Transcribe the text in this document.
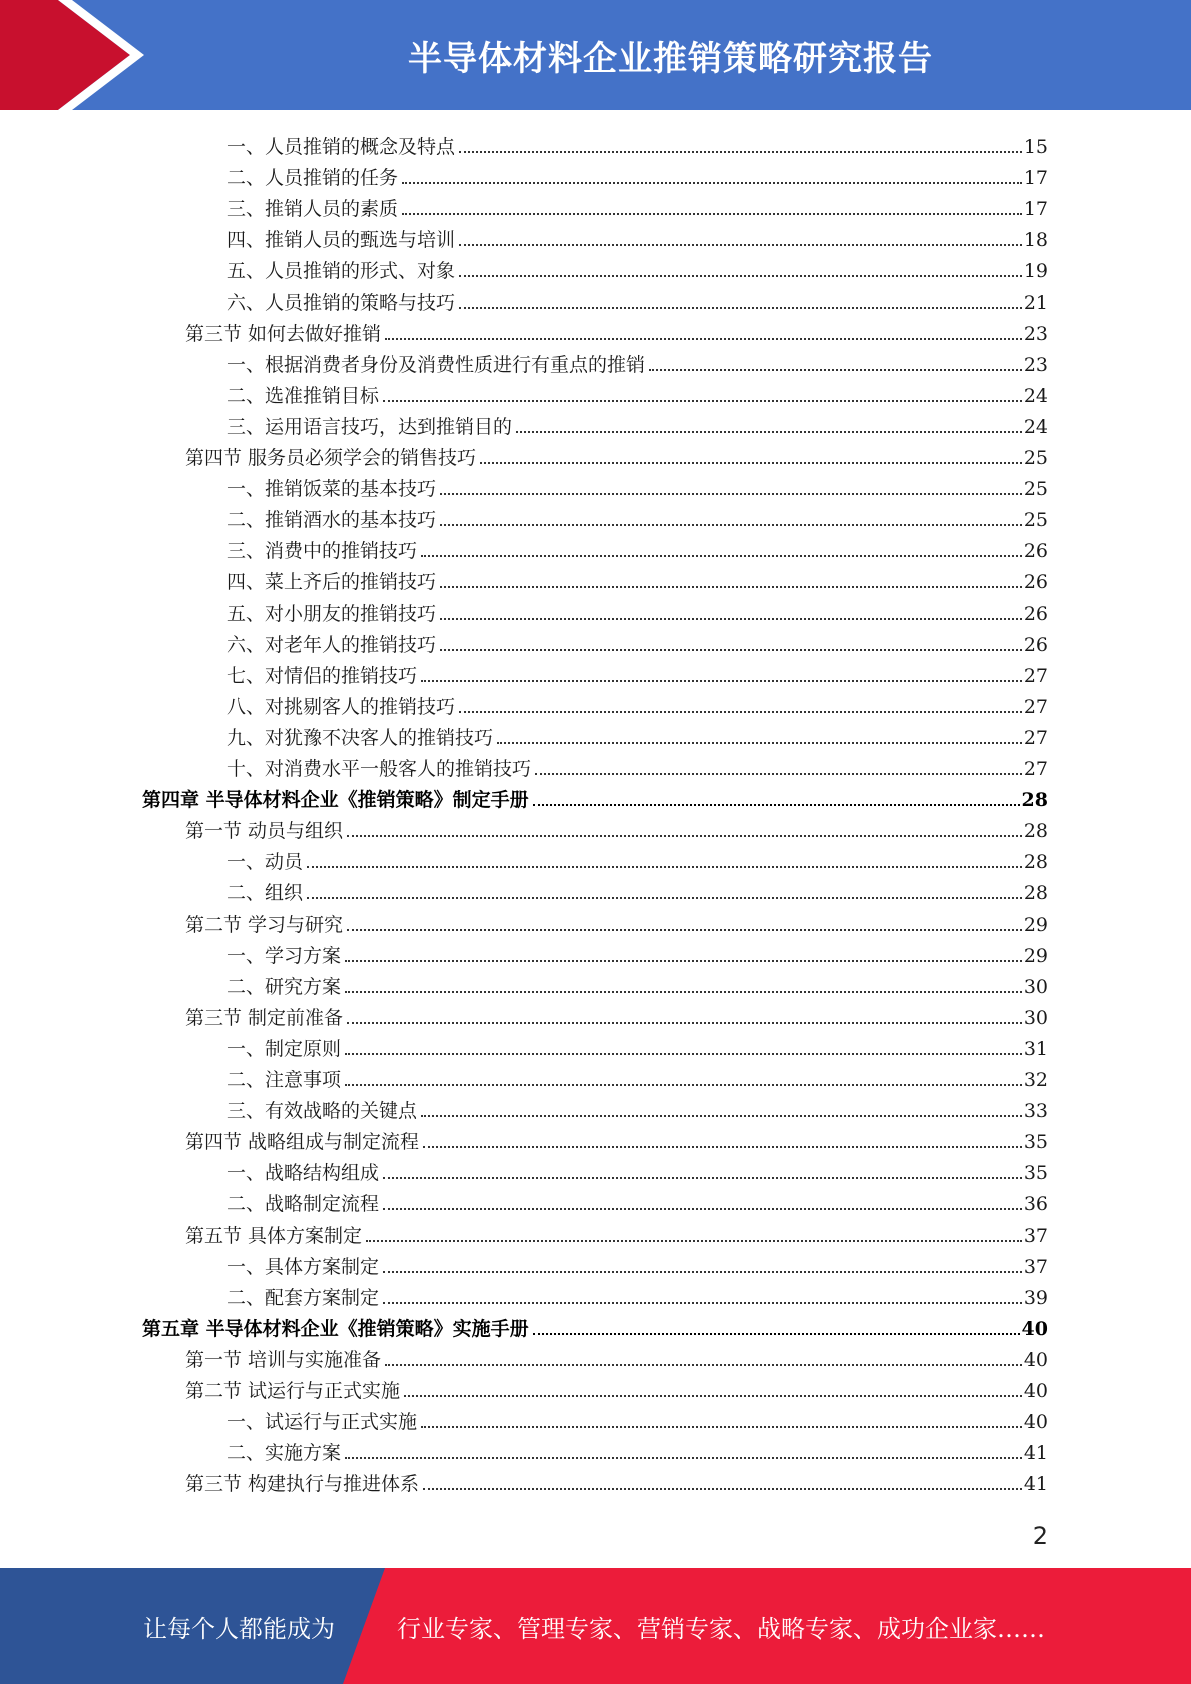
半导体材料企业推销策略研究报告
一、人员推销的概念及特点	15
二、人员推销的任务	17
三、推销人员的素质	17
四、推销人员的甄选与培训	18
五、人员推销的形式、对象	19
六、人员推销的策略与技巧	21
第三节 如何去做好推销	23
一、根据消费者身份及消费性质进行有重点的推销	23
二、选准推销目标	24
三、运用语言技巧，达到推销目的	24
第四节 服务员必须学会的销售技巧	25
一、推销饭菜的基本技巧	25
二、推销酒水的基本技巧	25
三、消费中的推销技巧	26
四、菜上齐后的推销技巧	26
五、对小朋友的推销技巧	26
六、对老年人的推销技巧	26
七、对情侣的推销技巧	27
八、对挑剔客人的推销技巧	27
九、对犹豫不决客人的推销技巧	27
十、对消费水平一般客人的推销技巧	27
第四章 半导体材料企业《推销策略》制定手册	28
第一节 动员与组织	28
一、动员	28
二、组织	28
第二节 学习与研究	29
一、学习方案	29
二、研究方案	30
第三节 制定前准备	30
一、制定原则	31
二、注意事项	32
三、有效战略的关键点	33
第四节 战略组成与制定流程	35
一、战略结构组成	35
二、战略制定流程	36
第五节 具体方案制定	37
一、具体方案制定	37
二、配套方案制定	39
第五章 半导体材料企业《推销策略》实施手册	40
第一节 培训与实施准备	40
第二节 试运行与正式实施	40
一、试运行与正式实施	40
二、实施方案	41
第三节 构建执行与推进体系	41
2
让每个人都能成为	行业专家、管理专家、营销专家、战略专家、成功企业家……
